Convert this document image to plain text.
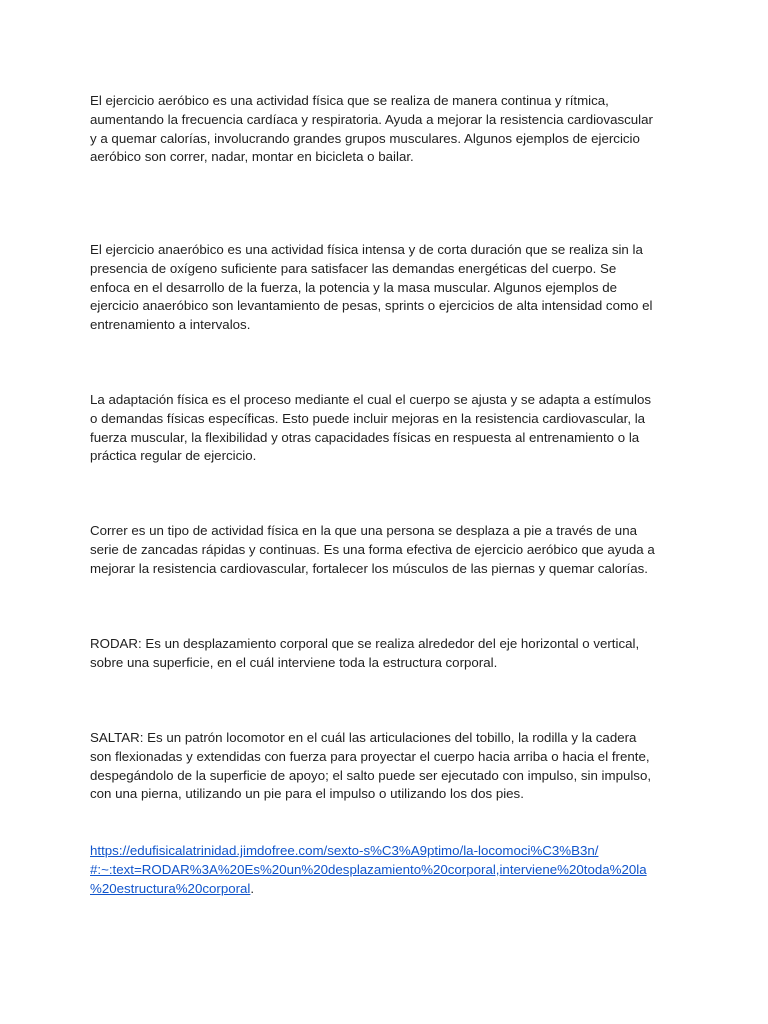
El ejercicio aeróbico es una actividad física que se realiza de manera continua y rítmica,
aumentando la frecuencia cardíaca y respiratoria. Ayuda a mejorar la resistencia cardiovascular
y a quemar calorías, involucrando grandes grupos musculares. Algunos ejemplos de ejercicio
aeróbico son correr, nadar, montar en bicicleta o bailar.

El ejercicio anaeróbico es una actividad física intensa y de corta duración que se realiza sin la
presencia de oxígeno suficiente para satisfacer las demandas energéticas del cuerpo. Se
enfoca en el desarrollo de la fuerza, la potencia y la masa muscular. Algunos ejemplos de
ejercicio anaeróbico son levantamiento de pesas, sprints o ejercicios de alta intensidad como el
entrenamiento a intervalos.

La adaptación física es el proceso mediante el cual el cuerpo se ajusta y se adapta a estímulos
o demandas físicas específicas. Esto puede incluir mejoras en la resistencia cardiovascular, la
fuerza muscular, la flexibilidad y otras capacidades físicas en respuesta al entrenamiento o la
práctica regular de ejercicio.

Correr es un tipo de actividad física en la que una persona se desplaza a pie a través de una
serie de zancadas rápidas y continuas. Es una forma efectiva de ejercicio aeróbico que ayuda a
mejorar la resistencia cardiovascular, fortalecer los músculos de las piernas y quemar calorías.

RODAR: Es un desplazamiento corporal que se realiza alrededor del eje horizontal o vertical,
sobre una superficie, en el cuál interviene toda la estructura corporal.

SALTAR: Es un patrón locomotor en el cuál las articulaciones del tobillo, la rodilla y la cadera
son flexionadas y extendidas con fuerza para proyectar el cuerpo hacia arriba o hacia el frente,
despegándolo de la superficie de apoyo; el salto puede ser ejecutado con impulso, sin impulso,
con una pierna, utilizando un pie para el impulso o utilizando los dos pies.

https://edufisicalatrinidad.jimdofree.com/sexto-s%C3%A9ptimo/la-locomoci%C3%B3n/
#:~:text=RODAR%3A%20Es%20un%20desplazamiento%20corporal,interviene%20toda%20la
%20estructura%20corporal.
